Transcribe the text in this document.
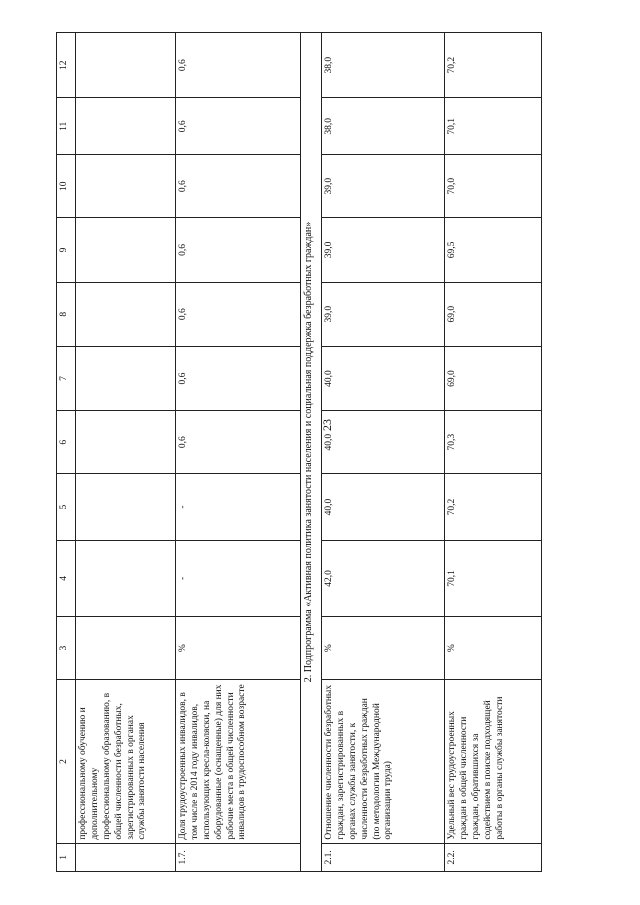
23
1	2	3	4	5	6	7	8	9	10	11	12
	профессиональному обучению и дополнительному профессиональному образованию, в общей численности безработных, зарегистрированных в органах службы занятости населения										
1.7.	Доля трудоустроенных инвалидов, в том числе в 2014 году инвалидов, использующих кресла-коляски, на оборудованные (оснащенные) для них рабочие места в общей численности инвалидов в трудоспособном возрасте	%	-	-	0,6	0,6	0,6	0,6	0,6	0,6	0,6
2. Подпрограмма «Активная политика занятости населения и социальная поддержка безработных граждан»											
2.1.	Отношение численности безработных граждан, зарегистрированных в органах службы занятости, к численности безработных граждан (по методологии Международной организации труда)	%	42,0	40,0	40,0	40,0	39,0	39,0	39,0	38,0	38,0
2.2.	Удельный вес трудоустроенных граждан в общей численности граждан, обратившихся за содействием в поиске подходящей работы в органы службы занятости	%	70,1	70,2	70,3	69,0	69,0	69,5	70,0	70,1	70,2
